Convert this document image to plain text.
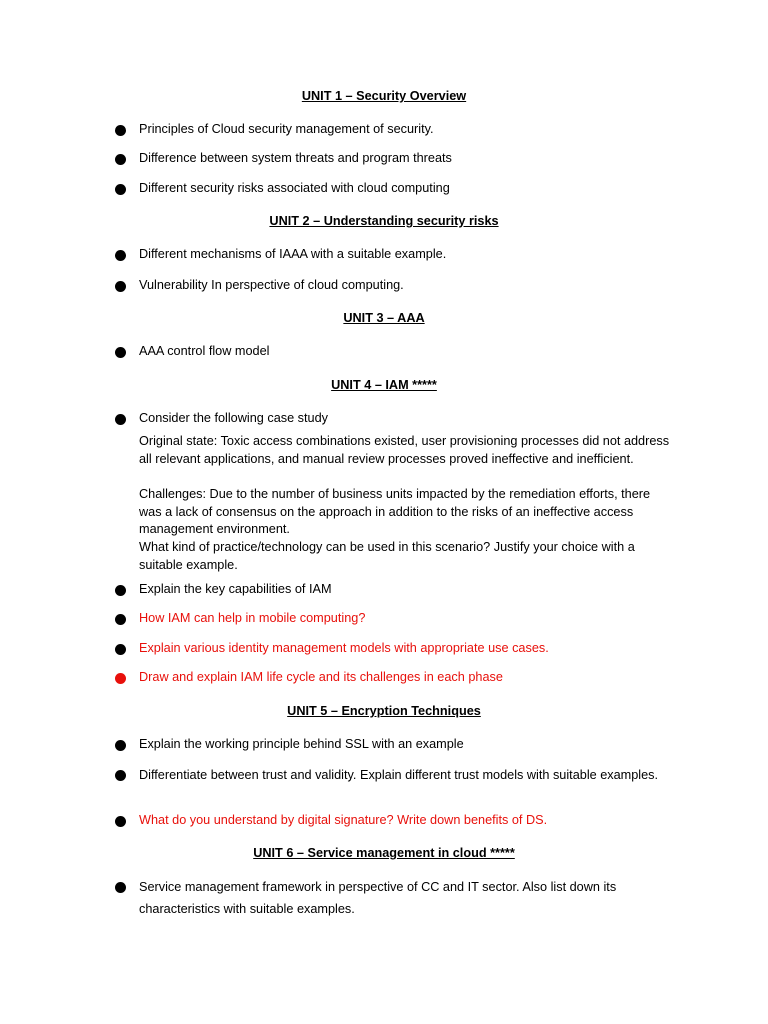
UNIT 1 – Security Overview
Principles of Cloud security management of security.
Difference between system threats and program threats
Different security risks associated with cloud computing
UNIT 2 – Understanding security risks
Different mechanisms of IAAA with a suitable example.
Vulnerability In perspective of cloud computing.
UNIT 3 – AAA
AAA control flow model
UNIT 4 – IAM *****
Consider the following case study
Original state: Toxic access combinations existed, user provisioning processes did not address all relevant applications, and manual review processes proved ineffective and inefficient.
Challenges: Due to the number of business units impacted by the remediation efforts, there was a lack of consensus on the approach in addition to the risks of an ineffective access management environment.
What kind of practice/technology can be used in this scenario? Justify your choice with a suitable example.
Explain the key capabilities of IAM
How IAM can help in mobile computing?
Explain various identity management models with appropriate use cases.
Draw and explain IAM life cycle and its challenges in each phase
UNIT 5 – Encryption Techniques
Explain the working principle behind SSL with an example
Differentiate between trust and validity. Explain different trust models with suitable examples.
What do you understand by digital signature? Write down benefits of DS.
UNIT 6 – Service management in cloud *****
Service management framework in perspective of CC and IT sector. Also list down its characteristics with suitable examples.
